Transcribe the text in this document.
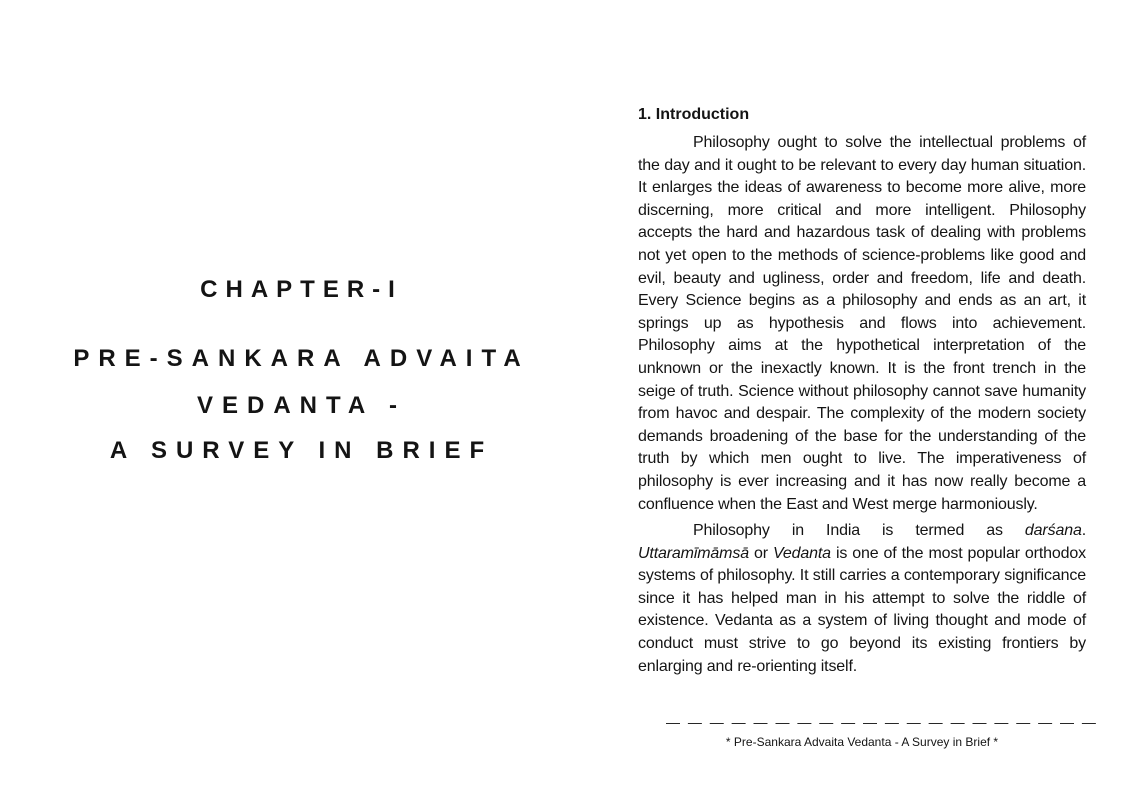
CHAPTER-I
PRE-SANKARA ADVAITA
VEDANTA -
A SURVEY IN BRIEF
1. Introduction

Philosophy ought to solve the intellectual problems of the day and it ought to be relevant to every day human situation. It enlarges the ideas of awareness to become more alive, more discerning, more critical and more intelligent. Philosophy accepts the hard and hazardous task of dealing with problems not yet open to the methods of science-problems like good and evil, beauty and ugliness, order and freedom, life and death. Every Science begins as a philosophy and ends as an art, it springs up as hypothesis and flows into achievement. Philosophy aims at the hypothetical interpretation of the unknown or the inexactly known. It is the front trench in the seige of truth. Science without philosophy cannot save humanity from havoc and despair. The complexity of the modern society demands broadening of the base for the understanding of the truth by which men ought to live. The imperativeness of philosophy is ever increasing and it has now really become a confluence when the East and West merge harmoniously.

Philosophy in India is termed as darśana. Uttaramīmāmsā or Vedanta is one of the most popular orthodox systems of philosophy. It still carries a contemporary significance since it has helped man in his attempt to solve the riddle of existence. Vedanta as a system of living thought and mode of conduct must strive to go beyond its existing frontiers by enlarging and re-orienting itself.

— — — — — — — — — — — — — — — — — — — —
* Pre-Sankara Advaita Vedanta - A Survey in Brief *
